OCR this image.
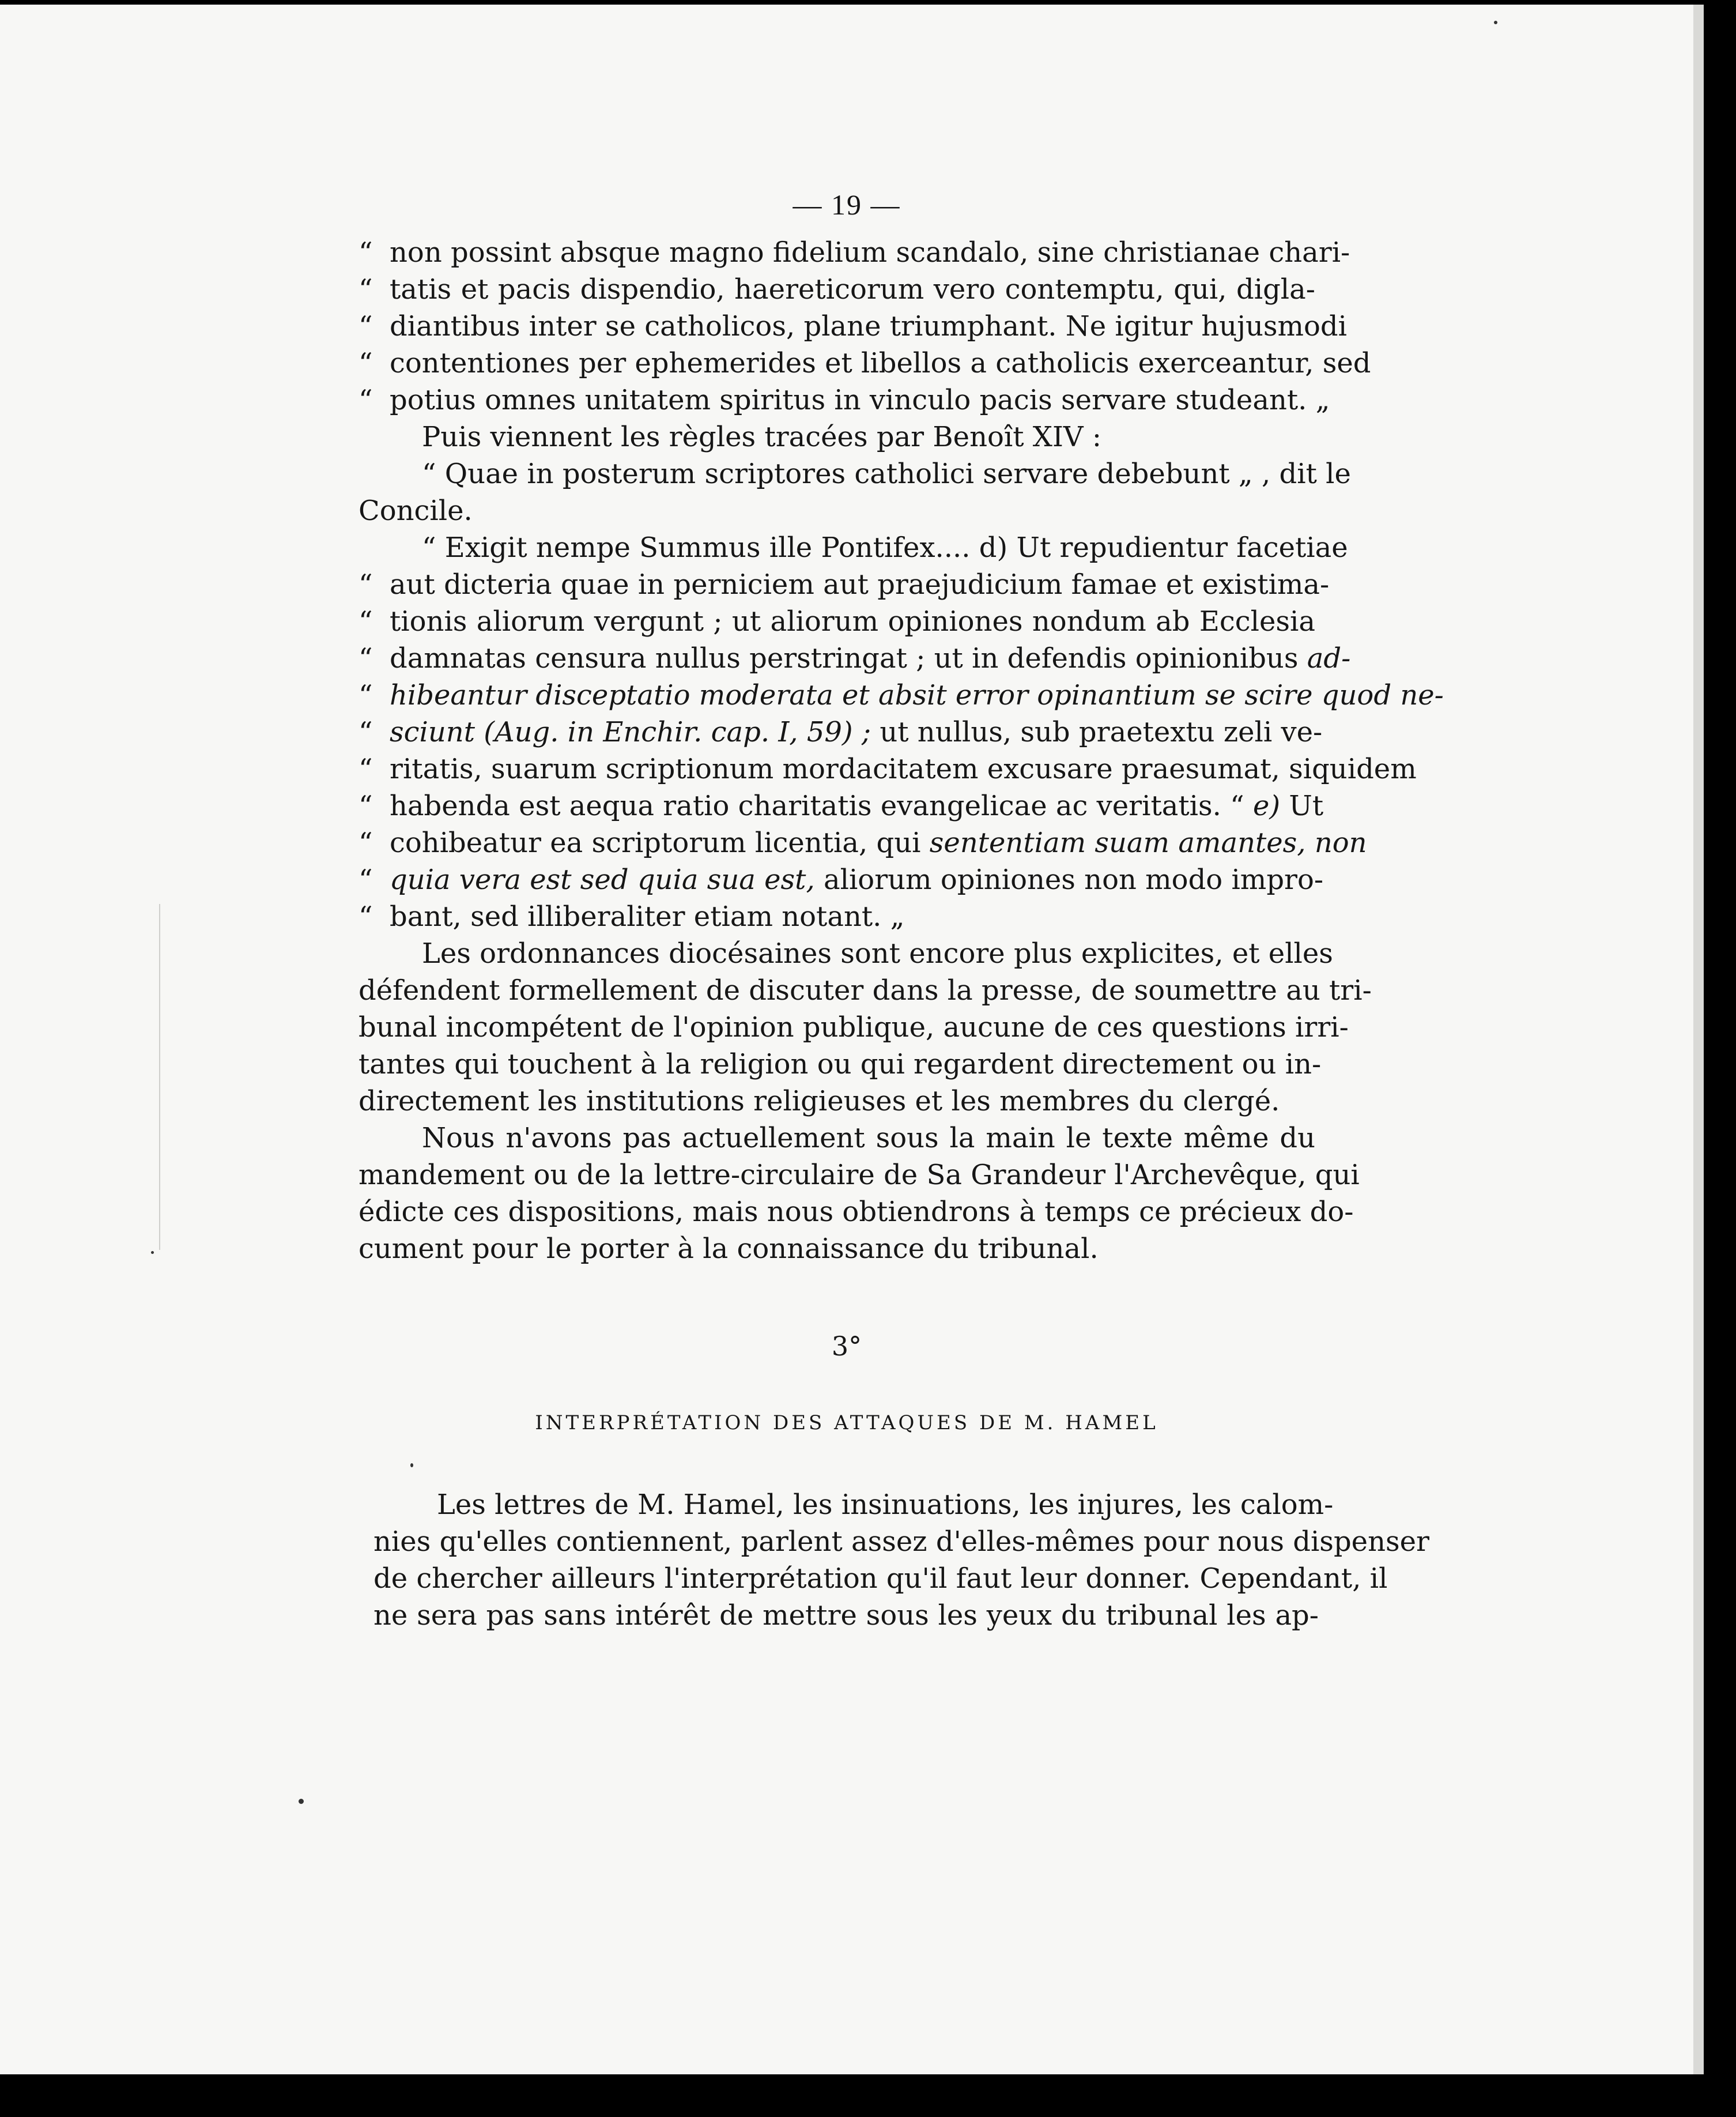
— 19 —
“ non possint absque magno fidelium scandalo, sine christianae chari-
“ tatis et pacis dispendio, haereticorum vero contemptu, qui, digla-
“ diantibus inter se catholicos, plane triumphant. Ne igitur hujusmodi
“ contentiones per ephemerides et libellos a catholicis exerceantur, sed
“ potius omnes unitatem spiritus in vinculo pacis servare studeant. „
Puis viennent les règles tracées par Benoît XIV :
“ Quae in posterum scriptores catholici servare debebunt „ , dit le
Concile.
“ Exigit nempe Summus ille Pontifex.... d) Ut repudientur facetiae
“ aut dicteria quae in perniciem aut praejudicium famae et existima-
“ tionis aliorum vergunt ; ut aliorum opiniones nondum ab Ecclesia
“ damnatas censura nullus perstringat ; ut in defendis opinionibus ad-
“ hibeantur disceptatio moderata et absit error opinantium se scire quod ne-
“ sciunt (Aug. in Enchir. cap. I, 59) ; ut nullus, sub praetextu zeli ve-
“ ritatis, suarum scriptionum mordacitatem excusare praesumat, siquidem
“ habenda est aequa ratio charitatis evangelicae ac veritatis. “ e) Ut
“ cohibeatur ea scriptorum licentia, qui sententiam suam amantes, non
“ quia vera est sed quia sua est, aliorum opiniones non modo impro-
“ bant, sed illiberaliter etiam notant. „
Les ordonnances diocésaines sont encore plus explicites, et elles
défendent formellement de discuter dans la presse, de soumettre au tri-
bunal incompétent de l'opinion publique, aucune de ces questions irri-
tantes qui touchent à la religion ou qui regardent directement ou in-
directement les institutions religieuses et les membres du clergé.
Nous n'avons pas actuellement sous la main le texte même du
mandement ou de la lettre-circulaire de Sa Grandeur l'Archevêque, qui
édicte ces dispositions, mais nous obtiendrons à temps ce précieux do-
cument pour le porter à la connaissance du tribunal.
3°
INTERPRÉTATION DES ATTAQUES DE M. HAMEL
Les lettres de M. Hamel, les insinuations, les injures, les calom-
nies qu'elles contiennent, parlent assez d'elles-mêmes pour nous dispenser
de chercher ailleurs l'interprétation qu'il faut leur donner. Cependant, il
ne sera pas sans intérêt de mettre sous les yeux du tribunal les ap-
